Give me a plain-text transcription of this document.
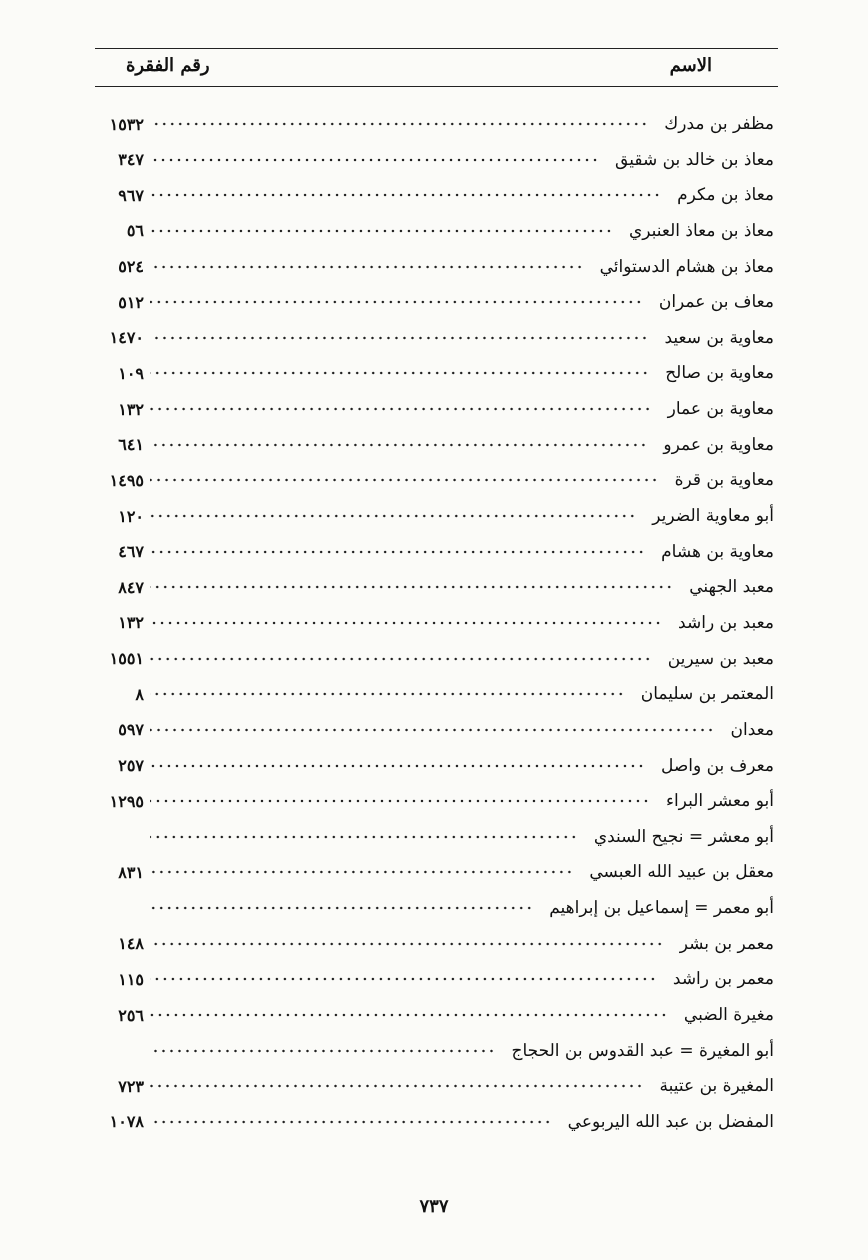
الاسم
رقم الفقرة
مظفر بن مدرك
١٥٣٢
معاذ بن خالد بن شقيق
٣٤٧
معاذ بن مكرم
٩٦٧
معاذ بن معاذ العنبري
٥٦
معاذ بن هشام الدستوائي
٥٢٤
معاف بن عمران
٥١٢
معاوية بن سعيد
١٤٧٠
معاوية بن صالح
١٠٩
معاوية بن عمار
١٣٢
معاوية بن عمرو
٦٤١
معاوية بن قرة
١٤٩٥
أبو معاوية الضرير
١٢٠
معاوية بن هشام
٤٦٧
معبد الجهني
٨٤٧
معبد بن راشد
١٣٢
معبد بن سيرين
١٥٥١
المعتمر بن سليمان
٨
معدان
٥٩٧
معرف بن واصل
٢٥٧
أبو معشر البراء
١٢٩٥
أبو معشر = نجيح السندي
معقل بن عبيد الله العبسي
٨٣١
أبو معمر = إسماعيل بن إبراهيم
معمر بن بشر
١٤٨
معمر بن راشد
١١٥
مغيرة الضبي
٢٥٦
أبو المغيرة = عبد القدوس بن الحجاج
المغيرة بن عتيبة
٧٢٣
المفضل بن عبد الله اليربوعي
١٠٧٨
٧٣٧
